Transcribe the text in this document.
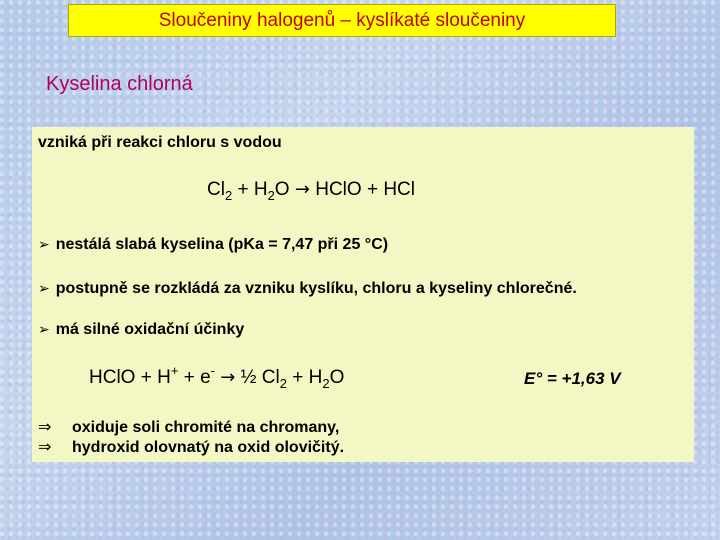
Sloučeniny halogenů – kyslíkaté sloučeniny
Kyselina chlorná
vzniká při reakci chloru s vodou
$Cl_2 + H_2O$ → HClO + HCl
➢ nestálá slabá kyselina (pKa = 7,47 při 25 °C)
➢ postupně se rozkládá za vzniku kyslíku, chloru a kyseliny chlorečné.
➢ má silné oxidační účinky
HClO + H+ + e- → ½ $Cl_2 + H_2O$	E° = +1,63 V
⇒ oxiduje soli chromité na chromany,
⇒ hydroxid olovnatý na oxid olovičitý.
